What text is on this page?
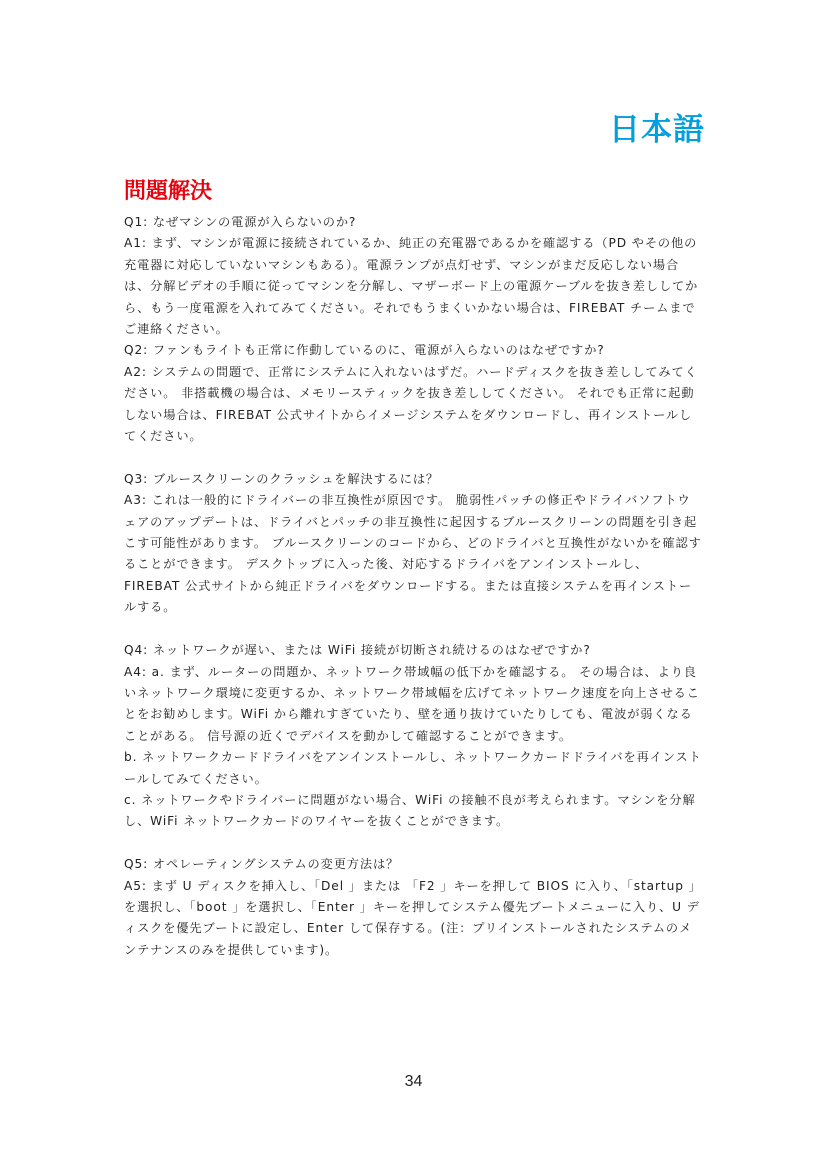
日本語
問題解決

Q1: なぜマシンの電源が入らないのか?

A1: まず、マシンが電源に接続されているか、純正の充電器であるかを確認する（PD やその他の充電器に対応していないマシンもある）。電源ランプが点灯せず、マシンがまだ反応しない場合は、分解ビデオの手順に従ってマシンを分解し、マザーボード上の電源ケーブルを抜き差ししてから、もう一度電源を入れてみてください。それでもうまくいかない場合は、FIREBAT チームまでご連絡ください。

Q2: ファンもライトも正常に作動しているのに、電源が入らないのはなぜですか?

A2: システムの問題で、正常にシステムに入れないはずだ。ハードディスクを抜き差ししてみてください。 非搭載機の場合は、メモリースティックを抜き差ししてください。 それでも正常に起動しない場合は、FIREBAT 公式サイトからイメージシステムをダウンロードし、再インストールしてください。

Q3: ブルースクリーンのクラッシュを解決するには？

A3: これは一般的にドライバーの非互換性が原因です。 脆弱性パッチの修正やドライバソフトウェアのアップデートは、ドライバとパッチの非互換性に起因するブルースクリーンの問題を引き起こす可能性があります。 ブルースクリーンのコードから、どのドライバと互換性がないかを確認することができます。 デスクトップに入った後、対応するドライバをアンインストールし、FIREBAT 公式サイトから純正ドライバをダウンロードする。または直接システムを再インストールする。

Q4: ネットワークが遅い、または WiFi 接続が切断され続けるのはなぜですか?

A4: a. まず、ルーターの問題か、ネットワーク帯域幅の低下かを確認する。 その場合は、より良いネットワーク環境に変更するか、ネットワーク帯域幅を広げてネットワーク速度を向上させることをお勧めします。WiFi から離れすぎていたり、壁を通り抜けていたりしても、電波が弱くなることがある。 信号源の近くでデバイスを動かして確認することができます。

b. ネットワークカードドライバをアンインストールし、ネットワークカードドライバを再インストールしてみてください。

c. ネットワークやドライバーに問題がない場合、WiFi の接触不良が考えられます。マシンを分解し、WiFi ネットワークカードのワイヤーを抜くことができます。

Q5: オペレーティングシステムの変更方法は？

A5: まず U ディスクを挿入し、「Del 」または 「F2 」キーを押して BIOS に入り、「startup 」を選択し、「boot 」を選択し、「Enter 」キーを押してシステム優先ブートメニューに入り、U ディスクを優先ブートに設定し、Enter して保存する。(注：プリインストールされたシステムのメンテナンスのみを提供しています)。

34
